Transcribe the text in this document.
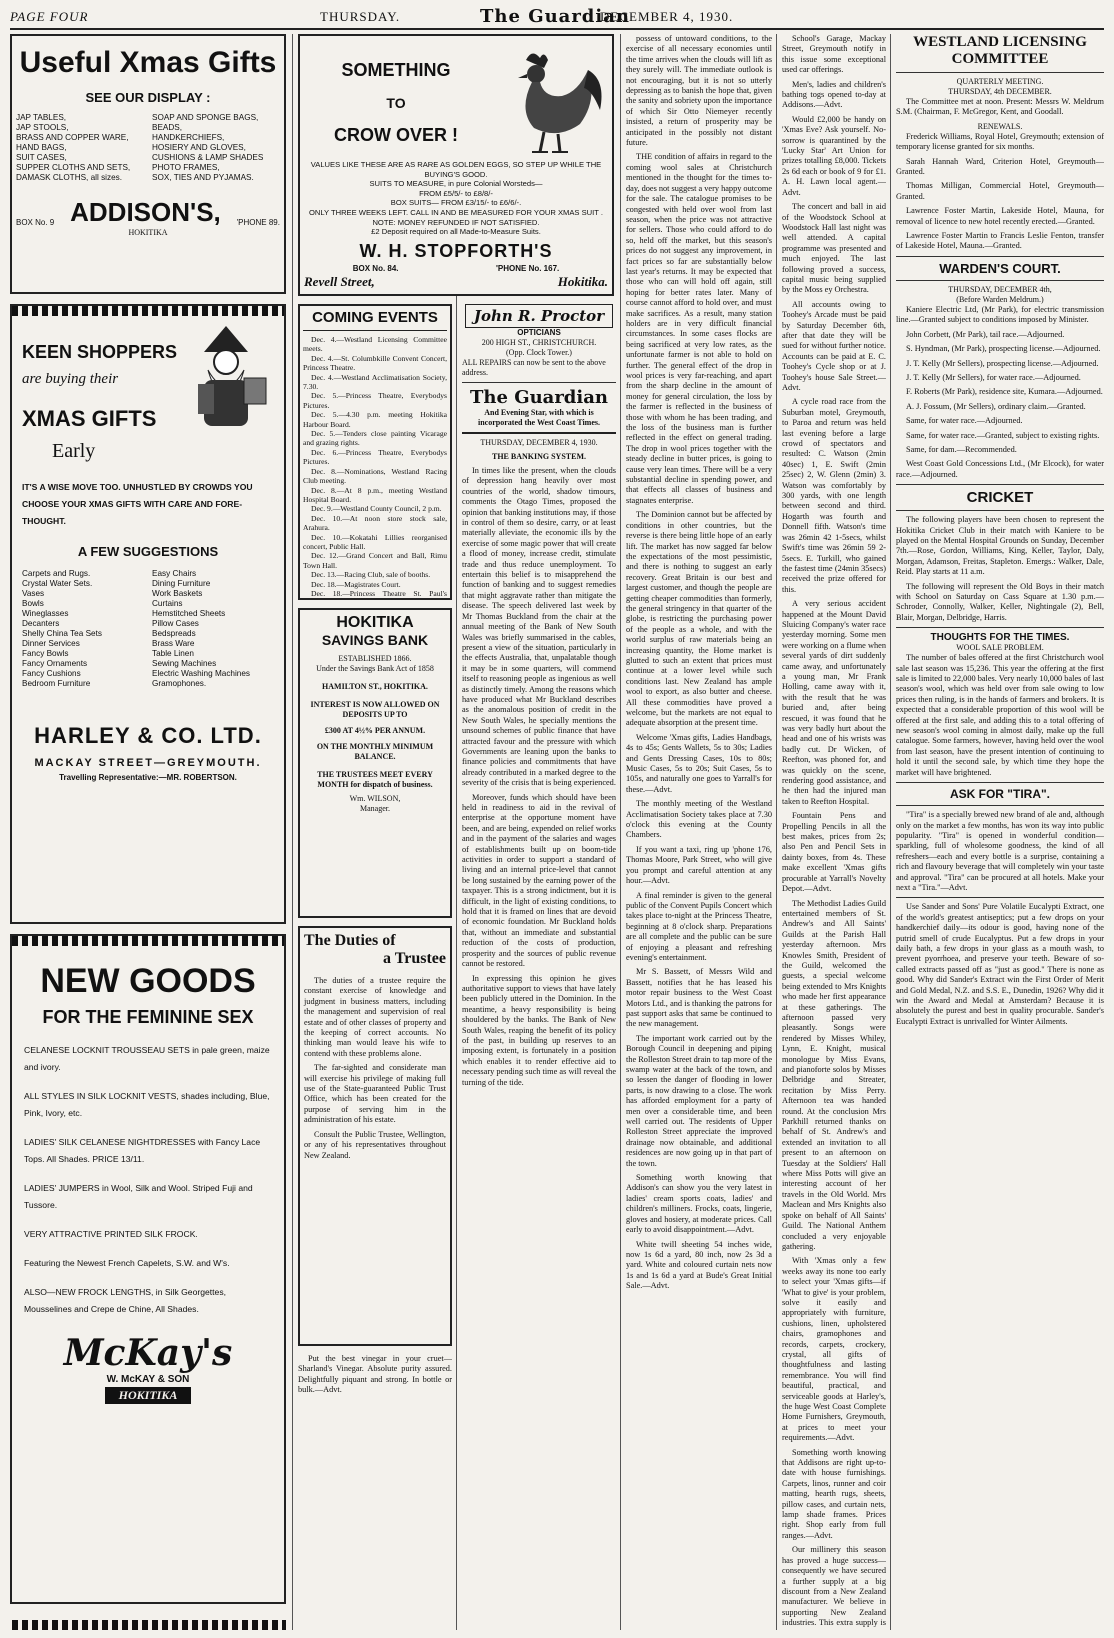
PAGE FOUR	THURSDAY.	The Guardian
DECEMBER 4, 1930.
Useful Xmas Gifts
SEE OUR DISPLAY :
JAP TABLES,
JAP STOOLS,
BRASS AND COPPER WARE,
HAND BAGS,
SUIT CASES,
SUPPER CLOTHS AND SETS,
DAMASK CLOTHS, all sizes.
SOAP AND SPONGE BAGS,
BEADS,
HANDKERCHIEFS,
HOSIERY AND GLOVES,
CUSHIONS & LAMP SHADES
PHOTO FRAMES,
SOX, TIES AND PYJAMAS.
BOX No. 9 ADDISON'S, 'PHONE 89.
HOKITIKA
KEEN SHOPPERS
are buying their
XMAS GIFTS
Early
IT'S A WISE MOVE TOO. UNHUSTLED BY CROWDS YOU CHOOSE YOUR XMAS GIFTS WITH CARE AND FORE-THOUGHT.
A FEW SUGGESTIONS
Carpets and Rugs.
Crystal Water Sets.
Vases
Bowls
Wineglasses
Decanters
Shelly China Tea Sets
Dinner Services
Fancy Bowls
Fancy Ornaments
Fancy Cushions
Bedroom Furniture
Easy Chairs
Dining Furniture
Work Baskets
Curtains
Hemstitched Sheets
Pillow Cases
Bedspreads
Brass Ware
Table Linen
Sewing Machines
Electric Washing Machines
Gramophones.
HARLEY & CO. LTD.
MACKAY STREET—GREYMOUTH.
Travelling Representative:—MR. ROBERTSON.
NEW GOODS
FOR THE FEMININE SEX
CELANESE LOCKNIT TROUSSEAU SETS in pale green, maize and ivory.
ALL STYLES IN SILK LOCKNIT VESTS, shades including, Blue, Pink, Ivory, etc.
LADIES' SILK CELANESE NIGHTDRESSES with Fancy Lace Tops. All Shades. PRICE 13/11.
LADIES' JUMPERS in Wool, Silk and Wool. Striped Fuji and Tussore.
VERY ATTRACTIVE PRINTED SILK FROCK.
Featuring the Newest French Capelets, S.W. and W's.
ALSO—NEW FROCK LENGTHS, in Silk Georgettes, Mousselines and Crepe de Chine, All Shades.
McKay's
W. McKAY & SON
HOKITIKA
SOMETHING
TO
CROW OVER !
VALUES LIKE THESE ARE AS RARE AS GOLDEN EGGS, SO STEP UP WHILE THE BUYING'S GOOD.
SUITS TO MEASURE, in pure Colonial Worsteds—
FROM £5/5/- to £8/8/-
BOX SUITS— FROM £3/15/- to £6/6/-.
ONLY THREE WEEKS LEFT. CALL IN AND BE MEASURED FOR YOUR XMAS SUIT .
NOTE: MONEY REFUNDED IF NOT SATISFIED.
£2 Deposit required on all Made-to-Measure Suits.
W. H. STOPFORTH'S
BOX No. 84.	'PHONE No. 167.
Revell Street,	Hokitika.
COMING EVENTS
Dec. 4.—Westland Licensing Committee meets.
Dec. 4.—St. Columbkille Convent Concert, Princess Theatre.
Dec. 4.—Westland Acclimatisation Society, 7.30.
Dec. 5.—Princess Theatre, Everybodys Pictures.
Dec. 5.—4.30 p.m. meeting Hokitika Harbour Board.
Dec. 5.—Tenders close painting Vicarage and grazing rights.
Dec. 6.—Princess Theatre, Everybodys Pictures.
Dec. 8.—Nominations, Westland Racing Club meeting.
Dec. 8.—At 8 p.m., meeting Westland Hospital Board.
Dec. 9.—Westland County Council, 2 p.m.
Dec. 10.—At noon store stock sale, Arahura.
Dec. 10.—Kokatahi Lillies reorganised concert, Public Hall.
Dec. 12.—Grand Concert and Ball, Rimu Town Hall.
Dec. 13.—Racing Club, sale of booths.
Dec. 18.—Magistrates Court.
Dec. 18.—Princess Theatre St. Paul's
HOKITIKA
SAVINGS BANK
ESTABLISHED 1866.
Under the Savings Bank Act of 1858
HAMILTON ST., HOKITIKA.
INTEREST IS NOW ALLOWED ON DEPOSITS UP TO
£300 AT 4½% PER ANNUM.
ON THE MONTHLY MINIMUM BALANCE.
THE TRUSTEES MEET EVERY MONTH for dispatch of business.
Wm. WILSON,
Manager.
The Duties of
a Trustee

The duties of a trustee require the constant exercise of knowledge and judgment in business matters, including the management and supervision of real estate and of other classes of property and the keeping of correct accounts. No thinking man would leave his wife to contend with these problems alone.

The far-sighted and considerate man will exercise his privilege of making full use of the State-guaranteed Public Trust Office, which has been created for the purpose of serving him in the administration of his estate.

Consult the Public Trustee, Wellington, or any of his representatives throughout New Zealand.

Put the best vinegar in your cruet—Sharland's Vinegar. Absolute purity assured. Delightfully piquant and strong. In bottle or bulk.—Advt.

John R. Proctor
OPTICIANS
200 HIGH ST., CHRISTCHURCH.
(Opp. Clock Tower.)
ALL REPAIRS can now be sent to the above address.
The Guardian
And Evening Star, with which is incorporated the West Coast Times.
THURSDAY, DECEMBER 4, 1930.
THE BANKING SYSTEM.

In times like the present, when the clouds of depression hang heavily over most countries of the world, shadow timours, comments the Otago Times, proposed the opinion that banking institutions may, if those in control of them so desire, carry, or at least materially alleviate, the economic ills by the exercise of some magic power that will create a flood of money, increase credit, stimulate trade and thus reduce unemployment. To entertain this belief is to misapprehend the function of banking and to suggest remedies that might aggravate rather than mitigate the disease. The speech delivered last week by Mr Thomas Buckland from the chair at the annual meeting of the Bank of New South Wales was briefly summarised in the cables, present a view of the situation, particularly in the effects Australia, that, unpalatable though it may be in some quarters, will commend itself to reasoning people as ingenious as well as distinctly timely. Among the reasons which have produced what Mr Buckland describes as the anomalous position of credit in the New South Wales, he specially mentions the unsound schemes of public finance that have attracted favour and the pressure with which Governments are leaning upon the banks to finance policies and commitments that have already contributed in a marked degree to the severity of the crisis that is being experienced.

Moreover, funds which should have been held in readiness to aid in the revival of enterprise at the opportune moment have been, and are being, expended on relief works and in the payment of the salaries and wages of establishments built up on boom-tide activities in order to support a standard of living and an internal price-level that cannot be long sustained by the earning power of the taxpayer. This is a strong indictment, but it is difficult, in the light of existing conditions, to hold that it is framed on lines that are devoid of economic foundation. Mr Buckland holds that, without an immediate and substantial reduction of the costs of production, prosperity and the sources of public revenue cannot be restored.

In expressing this opinion he gives authoritative support to views that have lately been publicly uttered in the Dominion. In the meantime, a heavy responsibility is being shouldered by the banks. The Bank of New South Wales, reaping the benefit of its policy of the past, in building up reserves to an imposing extent, is fortunately in a position which enables it to render effective aid to necessary pending such time as will reveal the turning of the tide.

possess of untoward conditions, to the exercise of all necessary economies until the time arrives when the clouds will lift as they surely will. The immediate outlook is not encouraging, but it is not so utterly depressing as to banish the hope that, given the sanity and sobriety upon the importance of which Sir Otto Niemeyer recently insisted, a return of prosperity may be anticipated in the possibly not distant future.

THE condition of affairs in regard to the coming wool sales at Christchurch mentioned in the thought for the times to-day, does not suggest a very happy outcome for the sale. The catalogue promises to be congested with held over wool from last season, when the price was not attractive for sellers. Those who could afford to do so, held off the market, but this season's prices do not suggest any improvement, in fact prices so far are substantially below last year's returns. It may be expected that those who can will hold off again, still hoping for better rates later. Many of course cannot afford to hold over, and must make sacrifices. As a result, many station holders are in very difficult financial circumstances. In some cases flocks are being sacrificed at very low rates, as the unfortunate farmer is not able to hold on further. The general effect of the drop in wool prices is very far-reaching, and apart from the sharp decline in the amount of money for general circulation, the loss by the farmer is reflected in the business of those with whom he has been trading, and the loss of the business man is further reflected in the effect on general trading. The drop in wool prices together with the steady decline in butter prices, is going to cause very lean times. There will be a very substantial decline in spending power, and that effects all classes of business and stagnates enterprise.

The Dominion cannot but be affected by conditions in other countries, but the reverse is there being little hope of an early lift. The market has now sagged far below the expectations of the most pessimistic, and there is nothing to suggest an early recovery. Great Britain is our best and largest customer, and though the people are getting cheaper commodities than formerly, the general stringency in that quarter of the globe, is restricting the purchasing power of the people as a whole, and with the world surplus of raw materials being an increasing quantity, the Home market is glutted to such an extent that prices must continue at a lower level while such conditions last. New Zealand has ample wool to export, as also butter and cheese. All these commodities have proved a welcome, but the markets are not equal to adequate absorption at the present time.

Welcome 'Xmas gifts, Ladies Handbags, 4s to 45s; Gents Wallets, 5s to 30s; Ladies and Gents Dressing Cases, 10s to 80s; Music Cases, 5s to 20s; Suit Cases, 5s to 105s, and naturally one goes to Yarrall's for these.—Advt.

The monthly meeting of the Westland Acclimatisation Society takes place at 7.30 o'clock this evening at the County Chambers.

If you want a taxi, ring up 'phone 176, Thomas Moore, Park Street, who will give you prompt and careful attention at any hour.—Advt.

A final reminder is given to the general public of the Convent Pupils Concert which takes place to-night at the Princess Theatre, beginning at 8 o'clock sharp. Preparations are all complete and the public can be sure of enjoying a pleasant and refreshing evening's entertainment.

Mr S. Bassett, of Messrs Wild and Bassett, notifies that he has leased his motor repair business to the West Coast Motors Ltd., and is thanking the patrons for past support asks that same be continued to the new management.

The important work carried out by the Borough Council in deepening and piping the Rolleston Street drain to tap more of the swamp water at the back of the town, and so lessen the danger of flooding in lower parts, is now drawing to a close. The work has afforded employment for a party of men over a considerable time, and been well carried out. The residents of Upper Rolleston Street appreciate the improved drainage now obtainable, and additional residences are now going up in that part of the town.

Something worth knowing that Addison's can show you the very latest in ladies' cream sports coats, ladies' and children's milliners. Frocks, coats, lingerie, gloves and hosiery, at moderate prices. Call early to avoid disappointment.—Advt.

White twill sheeting 54 inches wide, now 1s 6d a yard, 80 inch, now 2s 3d a yard. White and coloured curtain nets now 1s and 1s 6d a yard at Bude's Great Initial Sale.—Advt.

School's Garage, Mackay Street, Greymouth notify in this issue some exceptional used car offerings.

Men's, ladies and children's bathing togs opened to-day at Addisons.—Advt.

Would £2,000 be handy on 'Xmas Eve? Ask yourself. No-sorrow is quarantined by the 'Lucky Star' Art Union for prizes totalling £8,000. Tickets 2s 6d each or book of 9 for £1. A. H. Lawn local agent.—Advt.

The concert and ball in aid of the Woodstock School at Woodstock Hall last night was well attended. A capital programme was presented and much enjoyed. The last following proved a success, capital music being supplied by the Moss ey Orchestra.

All accounts owing to Toohey's Arcade must be paid by Saturday December 6th, after that date they will be sued for without further notice. Accounts can be paid at E. C. Toohey's Cycle shop or at J. Toohey's house Sale Street.—Advt.

A cycle road race from the Suburban motel, Greymouth, to Paroa and return was held last evening before a large crowd of spectators and resulted: C. Watson (2min 40sec) 1, E. Swift (2min 25sec) 2, W. Glenn (2min) 3. Watson was comfortably by 300 yards, with one length between second and third. Hogarth was fourth and Donnell fifth. Watson's time was 26min 42 1-5secs, whilst Swift's time was 26min 59 2-5secs. E. Turkill, who gained the fastest time (24min 35secs) received the prize offered for this.

A very serious accident happened at the Mount David Sluicing Company's water race yesterday morning. Some men were working on a flume when several yards of dirt suddenly came away, and unfortunately a young man, Mr Frank Holling, came away with it, with the result that he was buried and, after being rescued, it was found that he was very badly hurt about the head and one of his wrists was badly cut. Dr Wicken, of Reefton, was phoned for, and was quickly on the scene, rendering good assistance, and he then had the injured man taken to Reefton Hospital.

Fountain Pens and Propelling Pencils in all the best makes, prices from 2s; also Pen and Pencil Sets in dainty boxes, from 4s. These make excellent 'Xmas gifts procurable at Yarrall's Novelty Depot.—Advt.

The Methodist Ladies Guild entertained members of St. Andrew's and All Saints' Guilds at the Parish Hall yesterday afternoon. Mrs Knowles Smith, President of the Guild, welcomed the guests, a special welcome being extended to Mrs Knights who made her first appearance at these gatherings. The afternoon passed very pleasantly. Songs were rendered by Misses Whiley, Lynn, E. Knight, musical monologue by Miss Evans, and pianoforte solos by Misses Delbridge and Streater, recitation by Miss Perry. Afternoon tea was handed round. At the conclusion Mrs Parkhill returned thanks on behalf of St. Andrew's and extended an invitation to all present to an afternoon on Tuesday at the Soldiers' Hall where Miss Potts will give an interesting account of her travels in the Old World. Mrs Maclean and Mrs Knights also spoke on behalf of All Saints' Guild. The National Anthem concluded a very enjoyable gathering.

With 'Xmas only a few weeks away its none too early to select your 'Xmas gifts—if 'What to give' is your problem, solve it easily and appropriately with furniture, cushions, linen, upholstered chairs, gramophones and records, carpets, crockery, crystal, all gifts of thoughtfulness and lasting remembrance. You will find beautiful, practical, and serviceable goods at Harley's, the huge West Coast Complete Home Furnishers, Greymouth, at prices to meet your requirements.—Advt.

Something worth knowing that Addisons are right up-to-date with house furnishings. Carpets, linos, runner and coir matting, hearth rugs, sheets, pillow cases, and curtain nets, lamp shade frames. Prices right. Shop early from full ranges.—Advt.

Our millinery this season has proved a huge success—consequently we have secured a further supply at a big discount from a New Zealand manufacturer. We believe in supporting New Zealand industries. This extra supply is

WESTLAND LICENSING COMMITTEE
QUARTERLY MEETING.
THURSDAY, 4th DECEMBER.

The Committee met at noon. Present: Messrs W. Meldrum S.M. (Chairman, F. McGregor, Kent, and Goodall.

RENEWALS.

Frederick Williams, Royal Hotel, Greymouth; extension of temporary license granted for six months.

Sarah Hannah Ward, Criterion Hotel, Greymouth—Granted.

Thomas Milligan, Commercial Hotel, Greymouth—Granted.

Lawrence Foster Martin, Lakeside Hotel, Mauna, for removal of licence to new hotel recently erected.—Granted.

Lawrence Foster Martin to Francis Leslie Fenton, transfer of Lakeside Hotel, Mauna.—Granted.

WARDEN'S COURT.
THURSDAY, DECEMBER 4th,
(Before Warden Meldrum.)

Kaniere Electric Ltd, (Mr Park), for electric transmission line.—Granted subject to conditions imposed by Minister.

John Corbett, (Mr Park), tail race.—Adjourned.

S. Hyndman, (Mr Park), prospecting license.—Adjourned.

J. T. Kelly (Mr Sellers), prospecting license.—Adjourned.

J. T. Kelly (Mr Sellers), for water race.—Adjourned.

F. Roberts (Mr Park), residence site, Kumara.—Adjourned.

A. J. Fossum, (Mr Sellers), ordinary claim.—Granted.

Same, for water race.—Adjourned.

Same, for water race.—Granted, subject to existing rights.

Same, for dam.—Recommended.

West Coast Gold Concessions Ltd., (Mr Elcock), for water race.—Adjourned.

CRICKET

The following players have been chosen to represent the Hokitika Cricket Club in their match with Kaniere to be played on the Mental Hospital Grounds on Sunday, December 7th.—Rose, Gordon, Williams, King, Keller, Taylor, Daly, Morgan, Adamson, Freitas, Stapleton. Emergs.: Walker, Dale, Reid. Play starts at 11 a.m.

The following will represent the Old Boys in their match with School on Saturday on Cass Square at 1.30 p.m.—Schroder, Connolly, Walker, Keller, Nightingale (2), Bell, Blair, Morgan, Delbridge, Harris.

THOUGHTS FOR THE TIMES.
WOOL SALE PROBLEM.

The number of bales offered at the first Christchurch wool sale last season was 15,236. This year the offering at the first sale is limited to 22,000 bales. Very nearly 10,000 bales of last season's wool, which was held over from sale owing to low prices then ruling, is in the hands of farmers and brokers. It is expected that a considerable proportion of this wool will be offered at the first sale, and adding this to a total offering of new season's wool coming in almost daily, make up the full catalogue. Some farmers, however, having held over the wool from last season, have the present intention of continuing to hold it until the second sale, by which time they hope the market will have brightened.

ASK FOR "TIRA".

"Tira" is a specially brewed new brand of ale and, although only on the market a few months, has won its way into public popularity. "Tira" is opened in wonderful condition—sparkling, full of wholesome goodness, the kind of all refreshers—each and every bottle is a surprise, containing a rich and flavoury beverage that will completely win your taste and approval. "Tira" can be procured at all hotels. Make your next a "Tira."—Advt.

Use Sander and Sons' Pure Volatile Eucalypti Extract, one of the world's greatest antiseptics; put a few drops on your handkerchief daily—its odour is good, having none of the putrid smell of crude Eucalyptus. Put a few drops in your daily bath, a few drops in your glass as a mouth wash, to prevent pyorrhoea, and preserve your teeth. Beware of so-called extracts passed off as "just as good." There is none as good. Why did Sander's Extract win the First Order of Merit and Gold Medal, N.Z. and S.S. E., Dunedin, 1926? Why did it win the Award and Medal at Amsterdam? Because it is absolutely the purest and best in quality procurable. Sander's Eucalypti Extract is unrivalled for Winter Ailments.
